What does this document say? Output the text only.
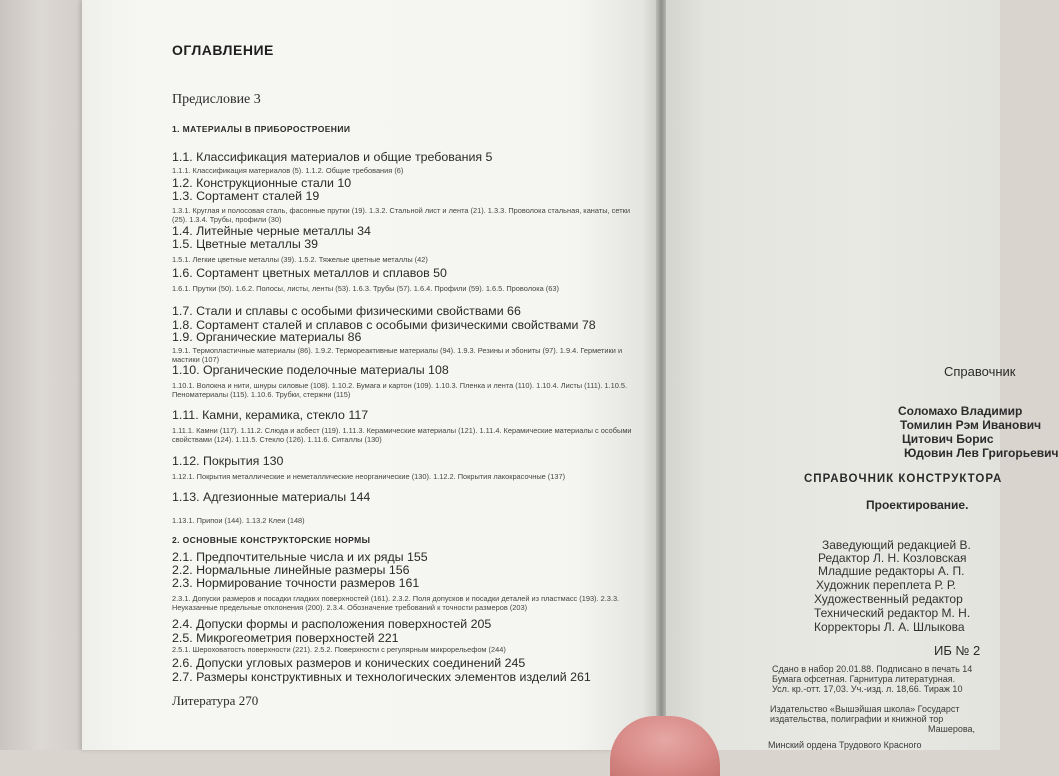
ОГЛАВЛЕНИЕ
Предисловие 3
1. МАТЕРИАЛЫ В ПРИБОРОСТРОЕНИИ
1.1. Классификация материалов и общие требования 5
1.1.1. Классификация материалов (5). 1.1.2. Общие требования (6)
1.2. Конструкционные стали 10
1.3. Сортамент сталей 19
1.3.1. Круглая и полосовая сталь, фасонные прутки (19). 1.3.2. Стальной лист и лента (21). 1.3.3. Проволока стальная, канаты, сетки (25). 1.3.4. Трубы, профили (30)
1.4. Литейные черные металлы 34
1.5. Цветные металлы 39
1.5.1. Легкие цветные металлы (39). 1.5.2. Тяжелые цветные металлы (42)
1.6. Сортамент цветных металлов и сплавов 50
1.6.1. Прутки (50). 1.6.2. Полосы, листы, ленты (53). 1.6.3. Трубы (57). 1.6.4. Профили (59). 1.6.5. Проволока (63)
1.7. Стали и сплавы с особыми физическими свойствами 66
1.8. Сортамент сталей и сплавов с особыми физическими свойствами 78
1.9. Органические материалы 86
1.9.1. Термопластичные материалы (86). 1.9.2. Термореактивные материалы (94). 1.9.3. Резины и эбониты (97). 1.9.4. Герметики и мастики (107)
1.10. Органические поделочные материалы 108
1.10.1. Волокна и нити, шнуры силовые (108). 1.10.2. Бумага и картон (109). 1.10.3. Пленка и лента (110). 1.10.4. Листы (111). 1.10.5. Пеноматериалы (115). 1.10.6. Трубки, стержни (115)
1.11. Камни, керамика, стекло 117
1.11.1. Камни (117). 1.11.2. Слюда и асбест (119). 1.11.3. Керамические материалы (121). 1.11.4. Керамические материалы с особыми свойствами (124). 1.11.5. Стекло (126). 1.11.6. Ситаллы (130)
1.12. Покрытия 130
1.12.1. Покрытия металлические и неметаллические неорганические (130). 1.12.2. Покрытия лакокрасочные (137)
1.13. Адгезионные материалы 144
1.13.1. Припои (144). 1.13.2 Клеи (148)
2. ОСНОВНЫЕ КОНСТРУКТОРСКИЕ НОРМЫ
2.1. Предпочтительные числа и их ряды 155
2.2. Нормальные линейные размеры 156
2.3. Нормирование точности размеров 161
2.3.1. Допуски размеров и посадки гладких поверхностей (161). 2.3.2. Поля допусков и посадки деталей из пластмасс (193). 2.3.3. Неуказанные предельные отклонения (200). 2.3.4. Обозначение требований к точности размеров (203)
2.4. Допуски формы и расположения поверхностей 205
2.5. Микрогеометрия поверхностей 221
2.5.1. Шероховатость поверхности (221). 2.5.2. Поверхности с регулярным микрорельефом (244)
2.6. Допуски угловых размеров и конических соединений 245
2.7. Размеры конструктивных и технологических элементов изделий 261
Литература 270
Справочник
Соломахо Владимир
Томилин Рэм Иванович
Цитович Борис
Юдовин Лев Григорьевич
СПРАВОЧНИК КОНСТРУКТОРА
Проектирование.
Заведующий редакцией В.
Редактор Л. Н. Козловская
Младшие редакторы А. П.
Художник переплета Р. Р.
Художественный редактор
Технический редактор М. Н.
Корректоры Л. А. Шлыкова
ИБ № 2
Сдано в набор 20.01.88. Подписано в печать 14
Бумага офсетная. Гарнитура литературная.
Усл. кр.-отт. 17,03. Уч.-изд. л. 18,66. Тираж 10
Издательство «Вышэйшая школа» Государст
издательства, полиграфии и книжной тор
Машерова,
Минский ордена Трудового Красного
